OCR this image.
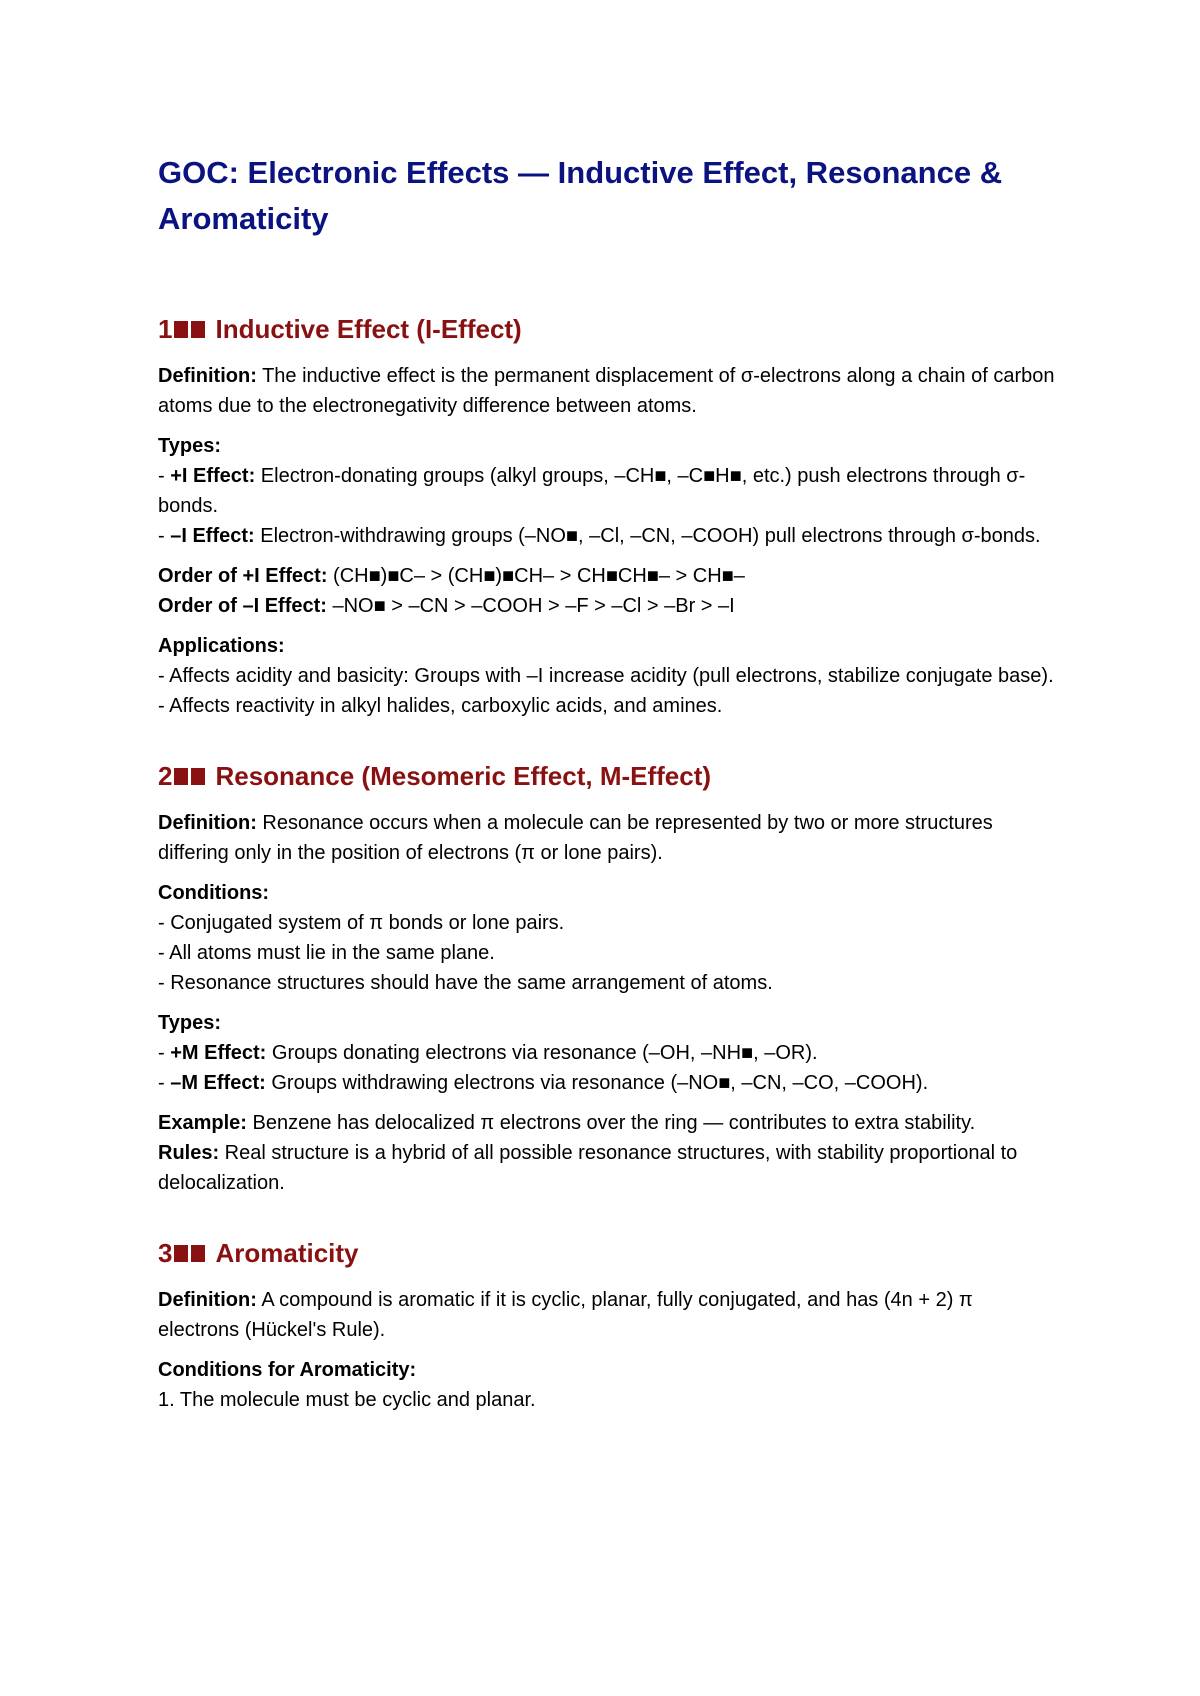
GOC: Electronic Effects — Inductive Effect, Resonance & Aromaticity
1 Inductive Effect (I-Effect)

Definition: The inductive effect is the permanent displacement of σ-electrons along a chain of carbon atoms due to the electronegativity difference between atoms.

Types:
- +I Effect: Electron-donating groups (alkyl groups, –CH■, –C■H■, etc.) push electrons through σ-bonds.
- –I Effect: Electron-withdrawing groups (–NO■, –Cl, –CN, –COOH) pull electrons through σ-bonds.

Order of +I Effect: (CH■)■C– > (CH■)■CH– > CH■CH■– > CH■–
Order of –I Effect: –NO■ > –CN > –COOH > –F > –Cl > –Br > –I

Applications:
- Affects acidity and basicity: Groups with –I increase acidity (pull electrons, stabilize conjugate base).
- Affects reactivity in alkyl halides, carboxylic acids, and amines.

2 Resonance (Mesomeric Effect, M-Effect)

Definition: Resonance occurs when a molecule can be represented by two or more structures differing only in the position of electrons (π or lone pairs).

Conditions:
- Conjugated system of π bonds or lone pairs.
- All atoms must lie in the same plane.
- Resonance structures should have the same arrangement of atoms.

Types:
- +M Effect: Groups donating electrons via resonance (–OH, –NH■, –OR).
- –M Effect: Groups withdrawing electrons via resonance (–NO■, –CN, –CO, –COOH).

Example: Benzene has delocalized π electrons over the ring — contributes to extra stability.
Rules: Real structure is a hybrid of all possible resonance structures, with stability proportional to delocalization.

3 Aromaticity

Definition: A compound is aromatic if it is cyclic, planar, fully conjugated, and has (4n + 2) π electrons (Hückel's Rule).

Conditions for Aromaticity:
1. The molecule must be cyclic and planar.
